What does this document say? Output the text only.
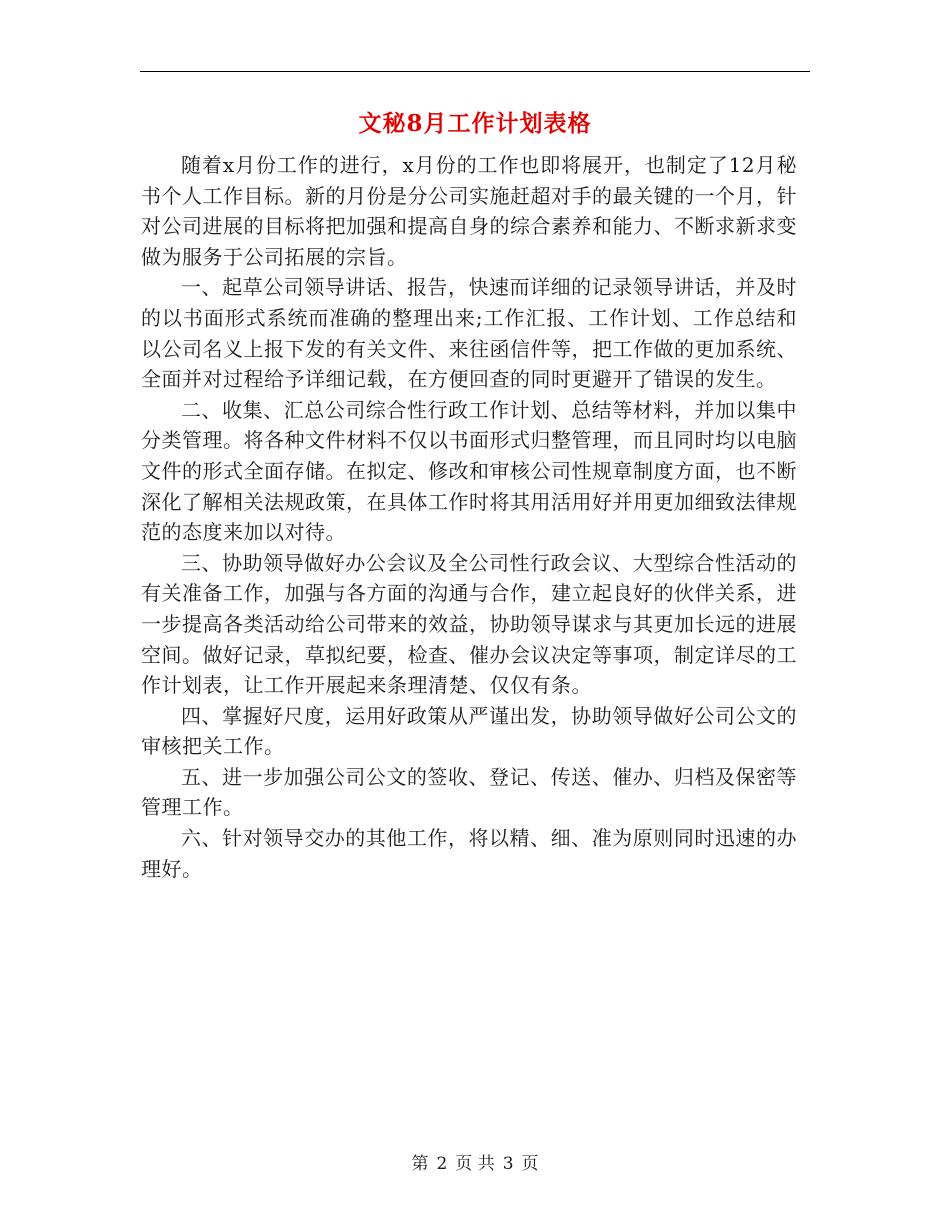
文秘8月工作计划表格

随着x月份工作的进行，x月份的工作也即将展开，也制定了12月秘书个人工作目标。新的月份是分公司实施赶超对手的最关键的一个月，针对公司进展的目标将把加强和提高自身的综合素养和能力、不断求新求变做为服务于公司拓展的宗旨。

一、起草公司领导讲话、报告，快速而详细的记录领导讲话，并及时的以书面形式系统而准确的整理出来;工作汇报、工作计划、工作总结和以公司名义上报下发的有关文件、来往函信件等，把工作做的更加系统、全面并对过程给予详细记载，在方便回查的同时更避开了错误的发生。

二、收集、汇总公司综合性行政工作计划、总结等材料，并加以集中分类管理。将各种文件材料不仅以书面形式归整管理，而且同时均以电脑文件的形式全面存储。在拟定、修改和审核公司性规章制度方面，也不断深化了解相关法规政策，在具体工作时将其用活用好并用更加细致法律规范的态度来加以对待。

三、协助领导做好办公会议及全公司性行政会议、大型综合性活动的有关准备工作，加强与各方面的沟通与合作，建立起良好的伙伴关系，进一步提高各类活动给公司带来的效益，协助领导谋求与其更加长远的进展空间。做好记录，草拟纪要，检查、催办会议决定等事项，制定详尽的工作计划表，让工作开展起来条理清楚、仅仅有条。

四、掌握好尺度，运用好政策从严谨出发，协助领导做好公司公文的审核把关工作。

五、进一步加强公司公文的签收、登记、传送、催办、归档及保密等管理工作。

六、针对领导交办的其他工作，将以精、细、准为原则同时迅速的办理好。

第 2 页 共 3 页
